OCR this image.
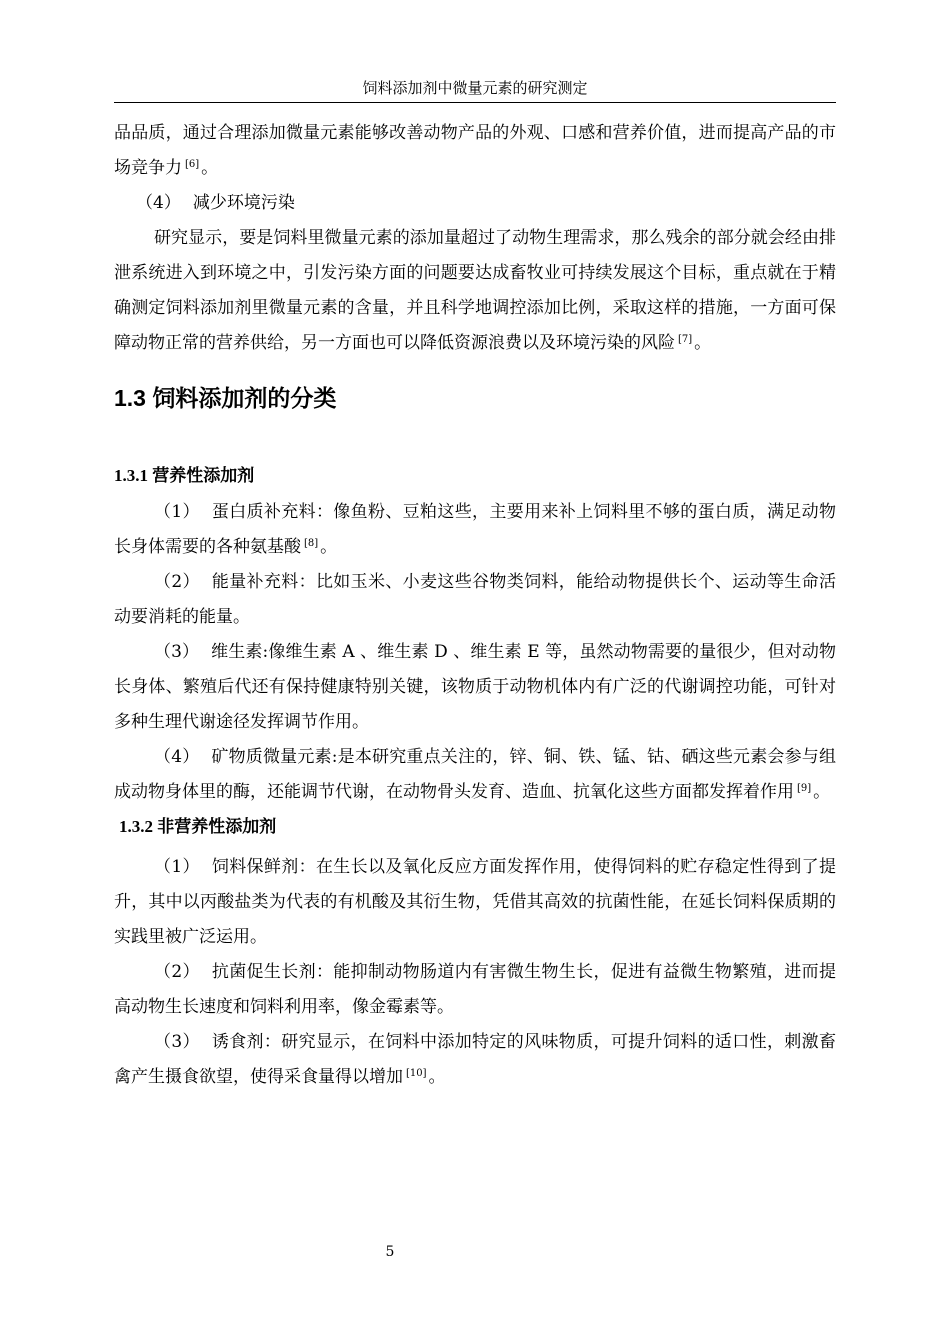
饲料添加剂中微量元素的研究测定

品品质，通过合理添加微量元素能够改善动物产品的外观、口感和营养价值，进而提高产品的市场竞争力 [6] 。

（4） 减少环境污染

研究显示，要是饲料里微量元素的添加量超过了动物生理需求，那么残余的部分就会经由排泄系统进入到环境之中，引发污染方面的问题要达成畜牧业可持续发展这个目标，重点就在于精确测定饲料添加剂里微量元素的含量，并且科学地调控添加比例，采取这样的措施，一方面可保障动物正常的营养供给，另一方面也可以降低资源浪费以及环境污染的风险 [7] 。

1.3 饲料添加剂的分类
1.3.1 营养性添加剂

（1） 蛋白质补充料：像鱼粉、豆粕这些，主要用来补上饲料里不够的蛋白质，满足动物长身体需要的各种氨基酸 [8] 。

（2） 能量补充料：比如玉米、小麦这些谷物类饲料，能给动物提供长个、运动等生命活动要消耗的能量。

（3） 维生素:像维生素 A 、维生素 D 、维生素 E 等，虽然动物需要的量很少，但对动物长身体、繁殖后代还有保持健康特别关键，该物质于动物机体内有广泛的代谢调控功能，可针对多种生理代谢途径发挥调节作用。

（4） 矿物质微量元素:是本研究重点关注的，锌、铜、铁、锰、钴、硒这些元素会参与组成动物身体里的酶，还能调节代谢，在动物骨头发育、造血、抗氧化这些方面都发挥着作用 [9] 。

1.3.2 非营养性添加剂

（1） 饲料保鲜剂：在生长以及氧化反应方面发挥作用，使得饲料的贮存稳定性得到了提升，其中以丙酸盐类为代表的有机酸及其衍生物，凭借其高效的抗菌性能，在延长饲料保质期的实践里被广泛运用。

（2） 抗菌促生长剂：能抑制动物肠道内有害微生物生长，促进有益微生物繁殖，进而提高动物生长速度和饲料利用率，像金霉素等。

（3） 诱食剂：研究显示，在饲料中添加特定的风味物质，可提升饲料的适口性，刺激畜禽产生摄食欲望，使得采食量得以增加 [10] 。

5
